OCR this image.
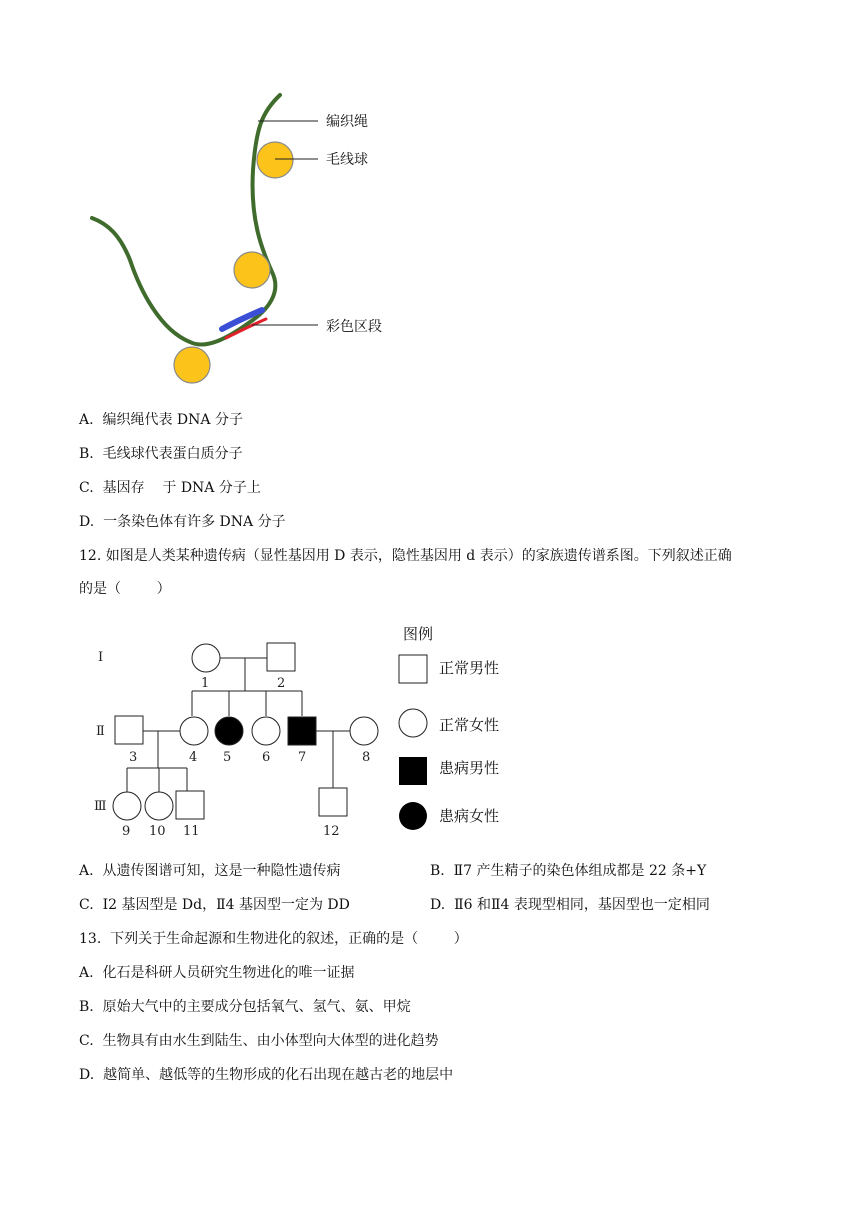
编织绳
毛线球
彩色区段
A. 编织绳代表 DNA 分子
B. 毛线球代表蛋白质分子
C. 基因存    于 DNA 分子上
D. 一条染色体有许多 DNA 分子
12. 如图是人类某种遗传病（显性基因用 D 表示，隐性基因用 d 表示）的家族遗传谱系图。下列叙述正确
的是（        ）
Ⅰ
Ⅱ
Ⅲ
1	2
3	4 5 6 7	8
9 10 11	12
图例
正常男性
正常女性
患病男性
患病女性
A. 从遗传图谱可知，这是一种隐性遗传病	B. Ⅱ7 产生精子的染色体组成都是 22 条+Y
C. Ⅰ2 基因型是 Dd，Ⅱ4 基因型一定为 DD	D. Ⅱ6 和Ⅱ4 表现型相同，基因型也一定相同
13.  下列关于生命起源和生物进化的叙述，正确的是（        ）
A. 化石是科研人员研究生物进化的唯一证据
B. 原始大气中的主要成分包括氧气、氢气、氨、甲烷
C. 生物具有由水生到陆生、由小体型向大体型的进化趋势
D. 越简单、越低等的生物形成的化石出现在越古老的地层中
